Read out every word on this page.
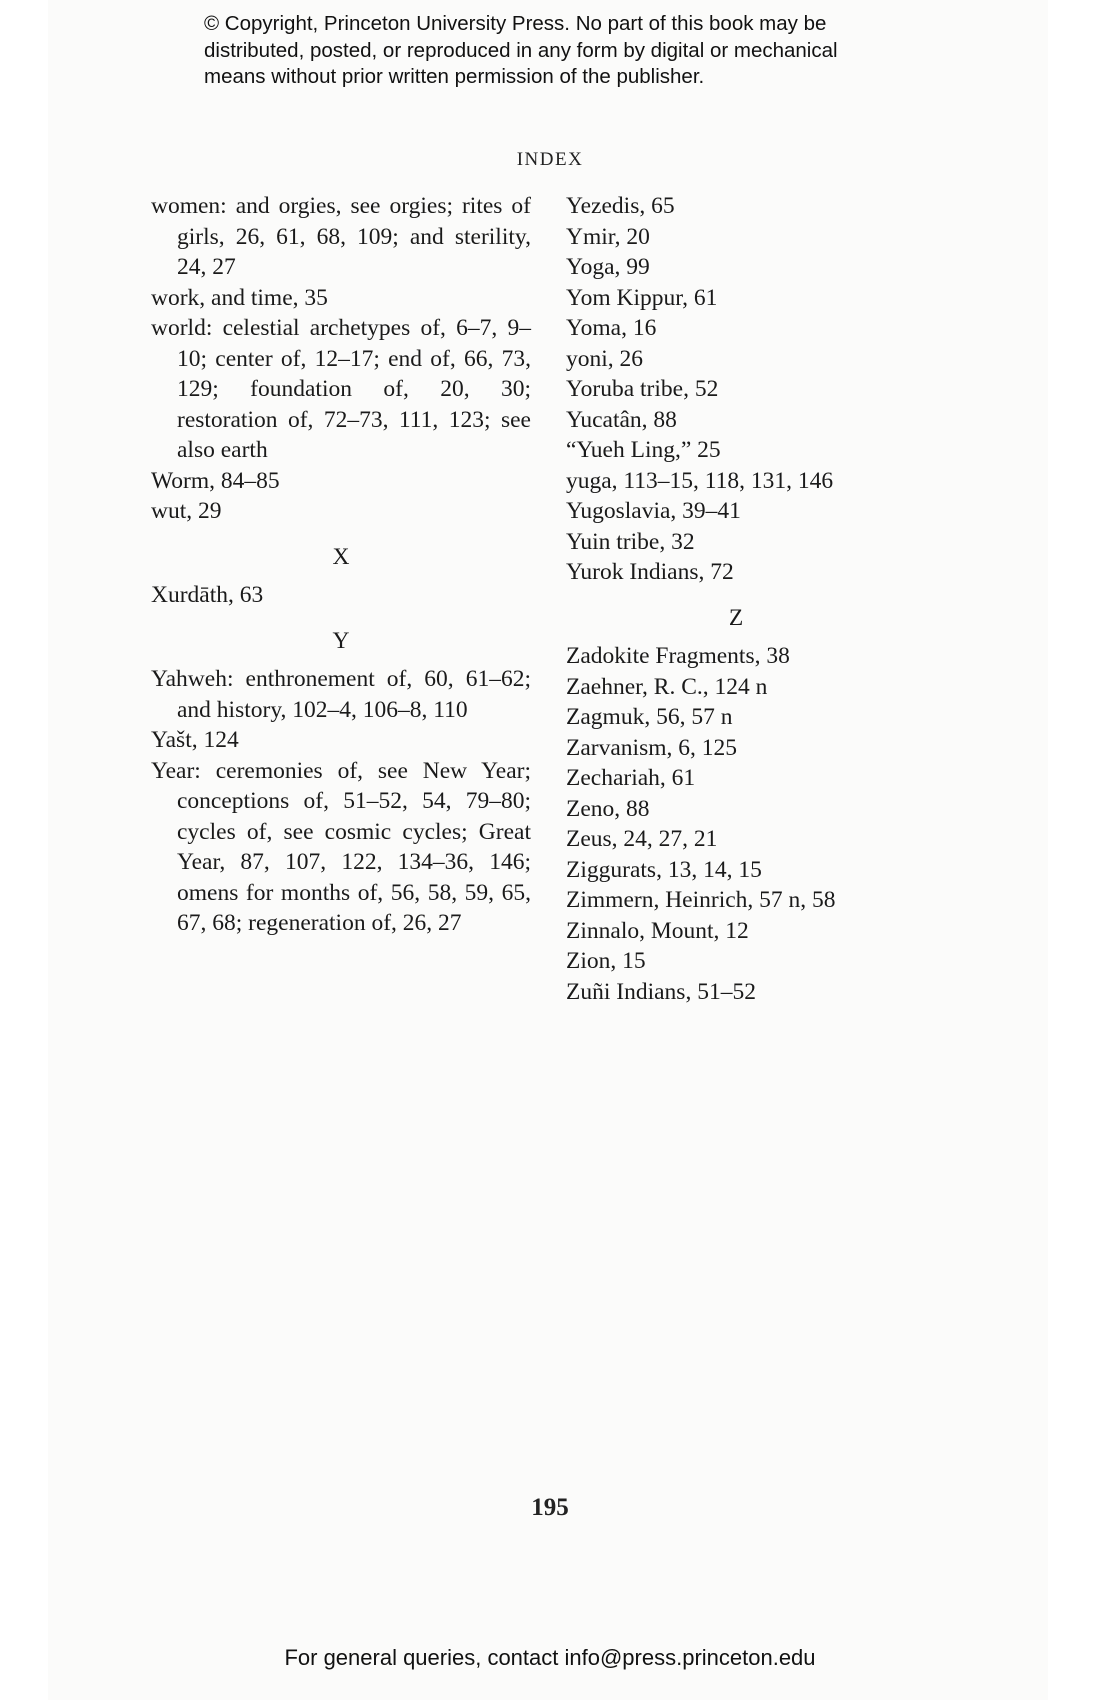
© Copyright, Princeton University Press. No part of this book may be
distributed, posted, or reproduced in any form by digital or mechanical
means without prior written permission of the publisher.
INDEX
women: and orgies, see orgies; rites of girls, 26, 61, 68, 109; and sterility, 24, 27
work, and time, 35
world: celestial archetypes of, 6–7, 9–10; center of, 12–17; end of, 66, 73, 129; foundation of, 20, 30; restoration of, 72–73, 111, 123; see also earth
Worm, 84–85
wut, 29
X
Xurdāth, 63
Y
Yahweh: enthronement of, 60, 61–62; and history, 102–4, 106–8, 110
Yašt, 124
Year: ceremonies of, see New Year; conceptions of, 51–52, 54, 79–80; cycles of, see cosmic cycles; Great Year, 87, 107, 122, 134–36, 146; omens for months of, 56, 58, 59, 65, 67, 68; regeneration of, 26, 27
Yezedis, 65
Ymir, 20
Yoga, 99
Yom Kippur, 61
Yoma, 16
yoni, 26
Yoruba tribe, 52
Yucatân, 88
“Yueh Ling,” 25
yuga, 113–15, 118, 131, 146
Yugoslavia, 39–41
Yuin tribe, 32
Yurok Indians, 72
Z
Zadokite Fragments, 38
Zaehner, R. C., 124 n
Zagmuk, 56, 57 n
Zarvanism, 6, 125
Zechariah, 61
Zeno, 88
Zeus, 24, 27, 21
Ziggurats, 13, 14, 15
Zimmern, Heinrich, 57 n, 58
Zinnalo, Mount, 12
Zion, 15
Zuñi Indians, 51–52
195
For general queries, contact info@press.princeton.edu
